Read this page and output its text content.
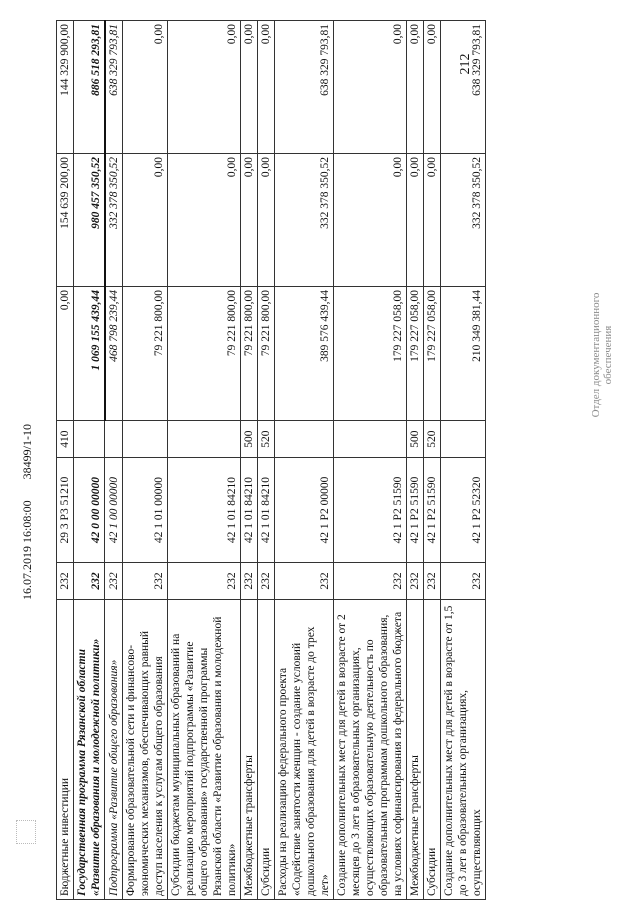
212
Бюджетные инвестиции	232	29 3 P3 51210	410	0,00	154 639 200,00	144 329 900,00
Государственная программа Рязанской области «Развитие образования и молодежной политики»	232	42 0 00 00000		1 069 155 439,44	980 457 350,52	886 518 293,81
Подпрограмма «Развитие общего образования»	232	42 1 00 00000		468 798 239,44	332 378 350,52	638 329 793,81
Формирование образовательной сети и финансово-экономических механизмов, обеспечивающих равный доступ населения к услугам общего образования	232	42 1 01 00000		79 221 800,00	0,00	0,00
Субсидии бюджетам муниципальных образований на реализацию мероприятий подпрограммы «Развитие общего образования» государственной программы Рязанской области «Развитие образования и молодежной политики»	232	42 1 01 84210		79 221 800,00	0,00	0,00
Межбюджетные трансферты	232	42 1 01 84210	500	79 221 800,00	0,00	0,00
Субсидии	232	42 1 01 84210	520	79 221 800,00	0,00	0,00
Расходы на реализацию федерального проекта «Содействие занятости женщин - создание условий дошкольного образования для детей в возрасте до трех лет»	232	42 1 P2 00000		389 576 439,44	332 378 350,52	638 329 793,81
Создание дополнительных мест для детей в возрасте от 2 месяцев до 3 лет в образовательных организациях, осуществляющих образовательную деятельность по образовательным программам дошкольного образования, на условиях софинансирования из федерального бюджета	232	42 1 P2 51590		179 227 058,00	0,00	0,00
Межбюджетные трансферты	232	42 1 P2 51590	500	179 227 058,00	0,00	0,00
Субсидии	232	42 1 P2 51590	520	179 227 058,00	0,00	0,00
Создание дополнительных мест для детей в возрасте от 1,5 до 3 лет в образовательных организациях, осуществляющих	232	42 1 P2 52320		210 349 381,44	332 378 350,52	638 329 793,81
16.07.2019 16:08:00 38499/1-10
Отдел документационного обеспечения
